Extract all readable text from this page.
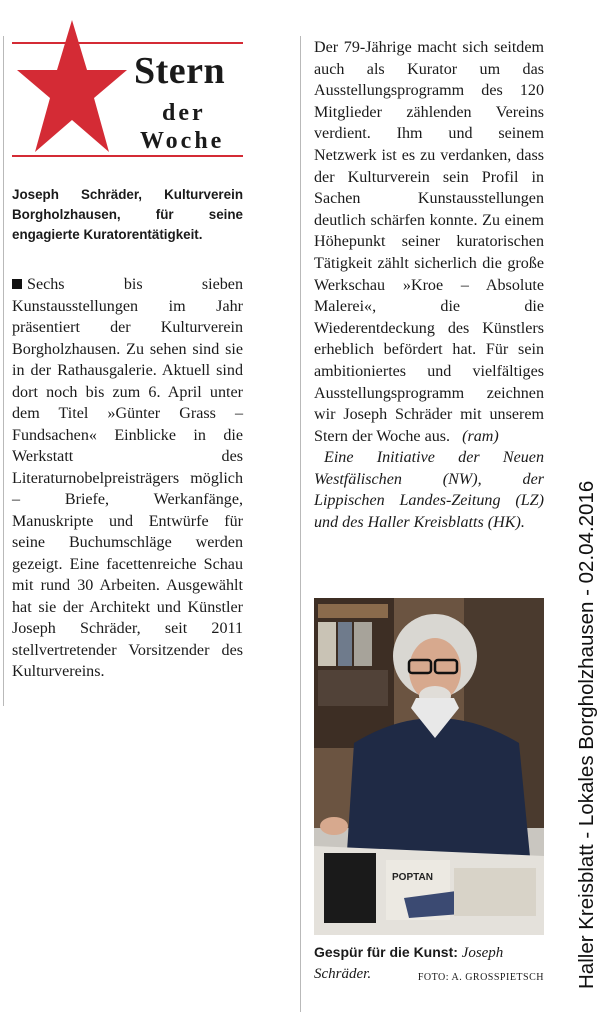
Stern
der
Woche
Joseph Schräder, Kulturverein Borgholzhausen, für seine engagierte Kuratorentätigkeit.
Sechs bis sieben Kunstausstellungen im Jahr präsentiert der Kulturverein Borgholzhausen. Zu sehen sind sie in der Rathausgalerie. Aktuell sind dort noch bis zum 6. April unter dem Titel »Günter Grass – Fundsachen« Einblicke in die Werkstatt des Literaturnobelpreisträgers möglich – Briefe, Werkanfänge, Manuskripte und Entwürfe für seine Buchumschläge werden gezeigt. Eine facettenreiche Schau mit rund 30 Arbeiten. Ausgewählt hat sie der Architekt und Künstler Joseph Schräder, seit 2011 stellvertretender Vorsitzender des Kulturvereins.

Der 79-Jährige macht sich seitdem auch als Kurator um das Ausstellungsprogramm des 120 Mitglieder zählenden Vereins verdient. Ihm und seinem Netzwerk ist es zu verdanken, dass der Kulturverein sein Profil in Sachen Kunstausstellungen deutlich schärfen konnte. Zu einem Höhepunkt seiner kuratorischen Tätigkeit zählt sicherlich die große Werkschau »Kroe – Absolute Malerei«, die die Wiederentdeckung des Künstlers erheblich befördert hat. Für sein ambitioniertes und vielfältiges Ausstellungsprogramm zeichnen wir Joseph Schräder mit unserem Stern der Woche aus. (ram)

Eine Initiative der Neuen Westfälischen (NW), der Lippischen Landes-Zeitung (LZ) und des Haller Kreisblatts (HK).

POPTAN
Gespür für die Kunst: Joseph Schräder.	FOTO: A. GROSSPIETSCH Haller Kreisblatt - Lokales Borgholzhausen - 02.04.2016
